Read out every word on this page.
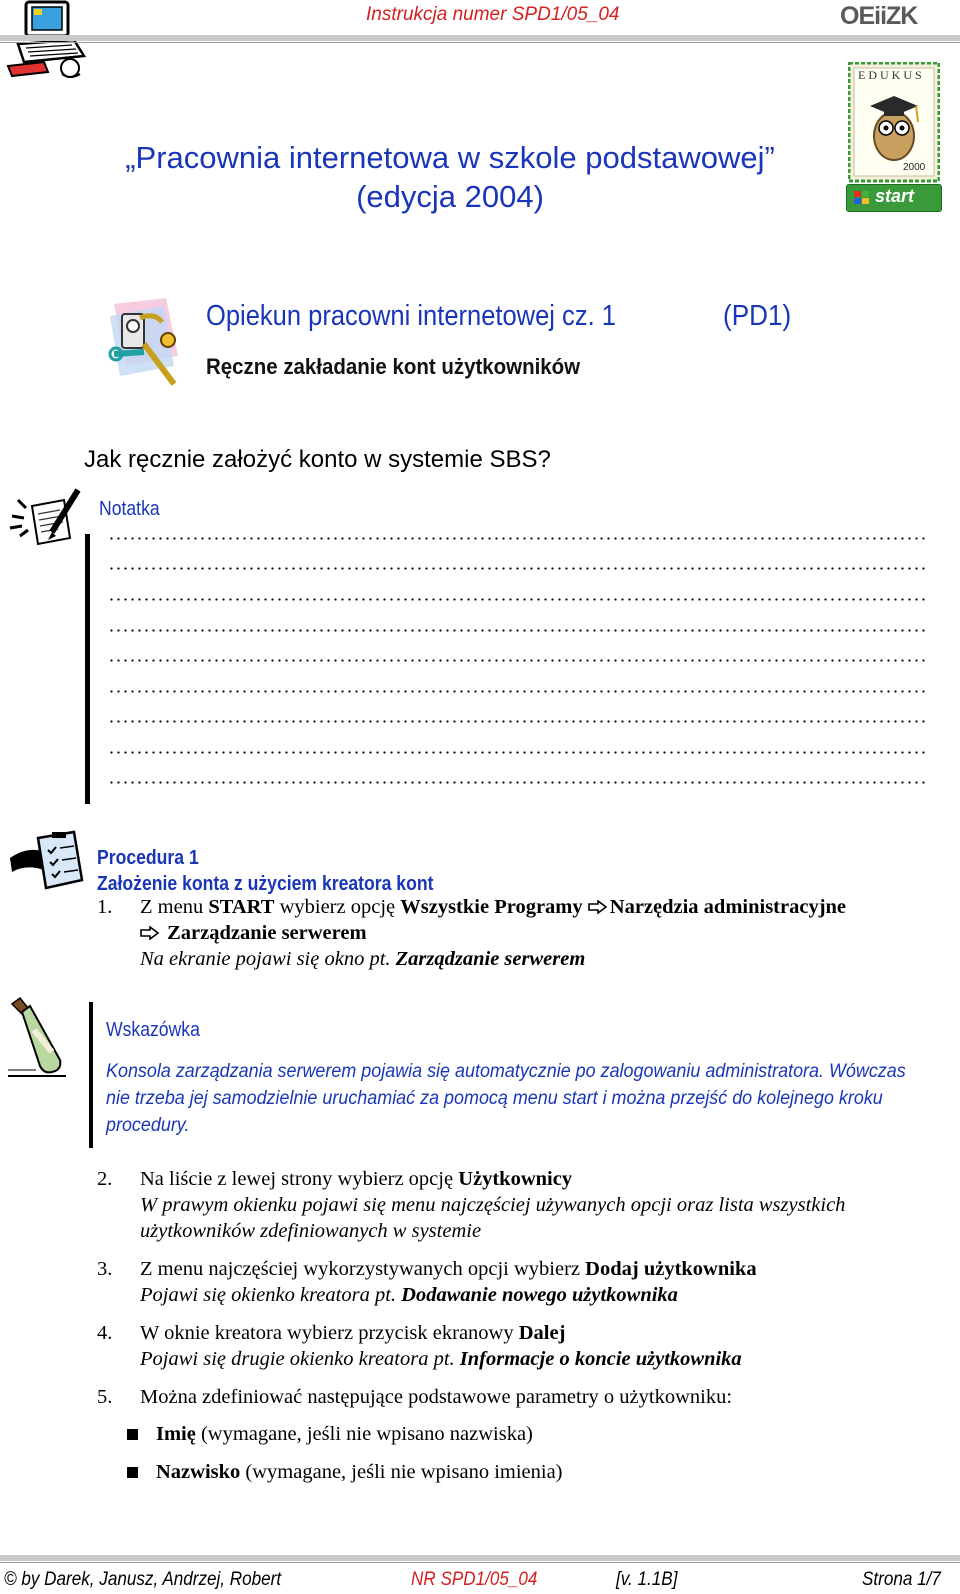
Instrukcja numer SPD1/05_04	OEiiZK
EDUKUS
2000
start
„Pracownia internetowa w szkole podstawowej”
(edycja 2004)
Opiekun pracowni internetowej cz. 1	(PD1)
Ręczne zakładanie kont użytkowników
Jak ręcznie założyć konto w systemie SBS?
Notatka
Procedura 1
Założenie konta z użyciem kreatora kont
1. Z menu START wybierz opcję Wszystkie Programy Narzędzia administracyjne
Zarządzanie serwerem
Na ekranie pojawi się okno pt. Zarządzanie serwerem
Wskazówka
Konsola zarządzania serwerem pojawia się automatycznie po zalogowaniu administratora. Wówczas
nie trzeba jej samodzielnie uruchamiać za pomocą menu start i można przejść do kolejnego kroku
procedury.
2. Na liście z lewej strony wybierz opcję Użytkownicy
W prawym okienku pojawi się menu najczęściej używanych opcji oraz lista wszystkich
użytkowników zdefiniowanych w systemie
3. Z menu najczęściej wykorzystywanych opcji wybierz Dodaj użytkownika
Pojawi się okienko kreatora pt. Dodawanie nowego użytkownika
4. W oknie kreatora wybierz przycisk ekranowy Dalej
Pojawi się drugie okienko kreatora pt. Informacje o koncie użytkownika
5. Można zdefiniować następujące podstawowe parametry o użytkowniku:
Imię (wymagane, jeśli nie wpisano nazwiska)
Nazwisko (wymagane, jeśli nie wpisano imienia)
© by Darek, Janusz, Andrzej, Robert	NR SPD1/05_04	[v. 1.1B]	Strona 1/7
